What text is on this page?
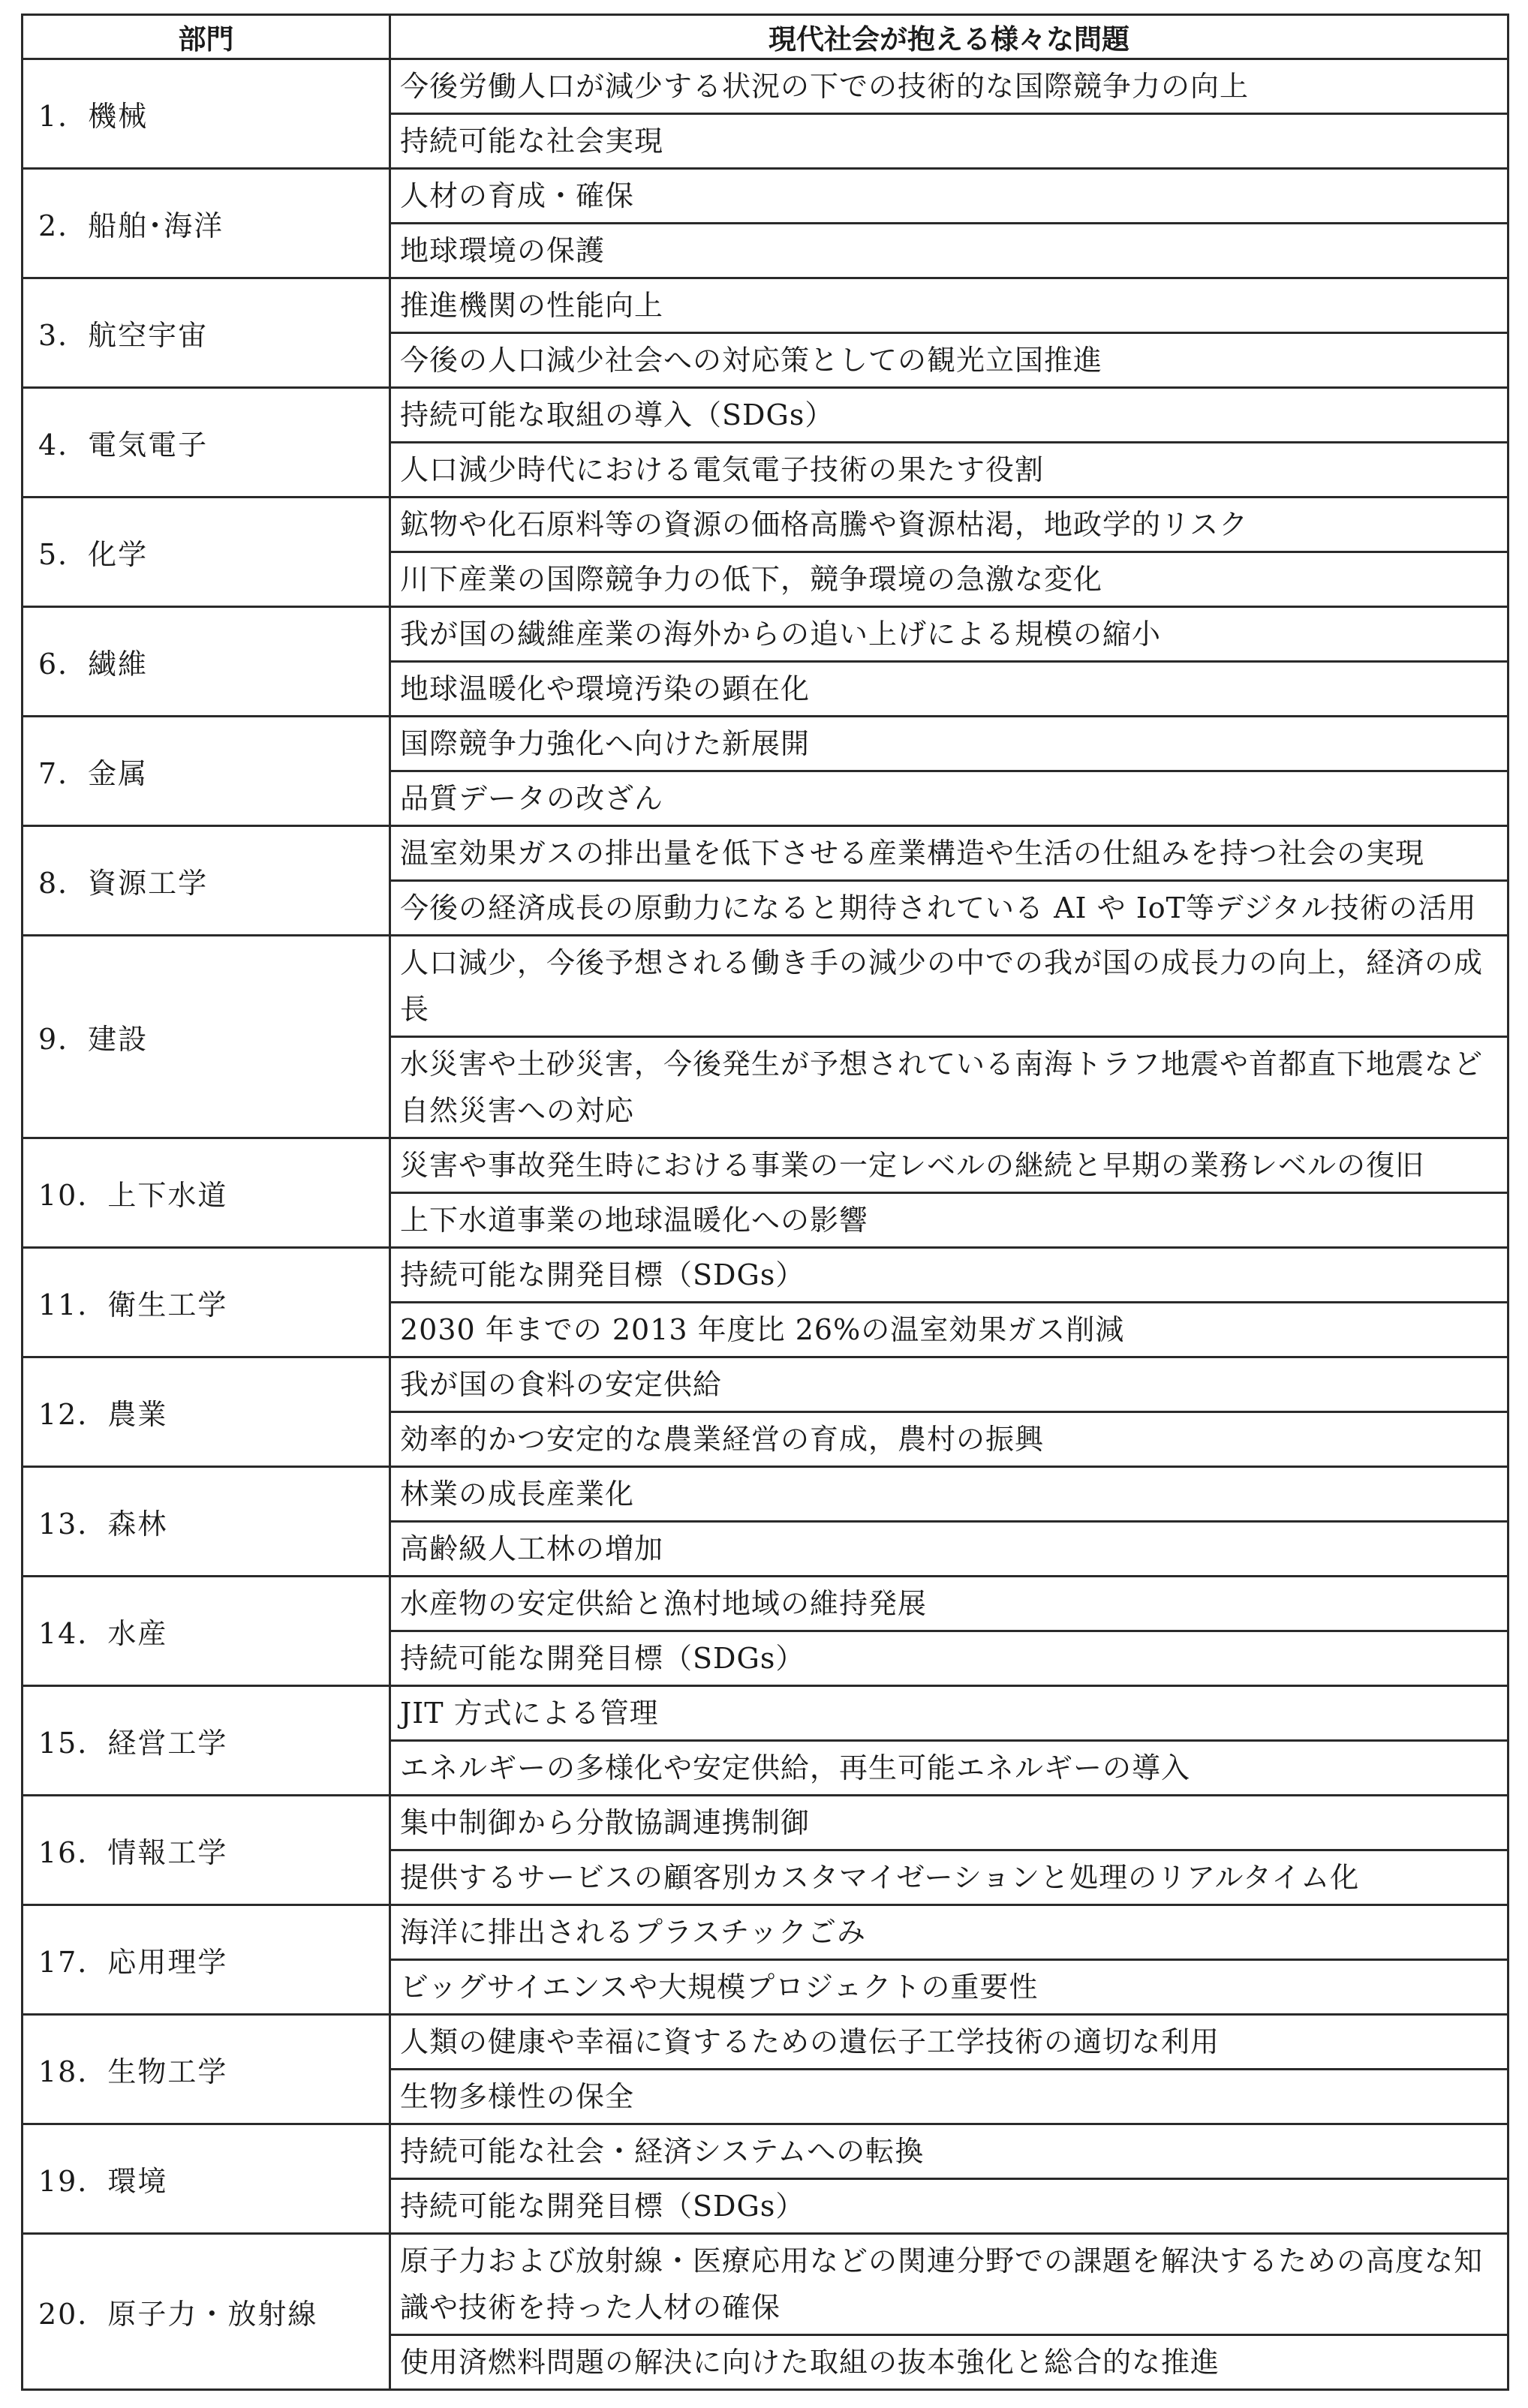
部門	現代社会が抱える様々な問題
1．機械	今後労働人口が減少する状況の下での技術的な国際競争力の向上
	持続可能な社会実現
2．船舶･海洋	人材の育成・確保
	地球環境の保護
3．航空宇宙	推進機関の性能向上
	今後の人口減少社会への対応策としての観光立国推進
4．電気電子	持続可能な取組の導入（SDGs）
	人口減少時代における電気電子技術の果たす役割
5．化学	鉱物や化石原料等の資源の価格高騰や資源枯渇，地政学的リスク
	川下産業の国際競争力の低下，競争環境の急激な変化
6．繊維	我が国の繊維産業の海外からの追い上げによる規模の縮小
	地球温暖化や環境汚染の顕在化
7．金属	国際競争力強化へ向けた新展開
	品質データの改ざん
8．資源工学	温室効果ガスの排出量を低下させる産業構造や生活の仕組みを持つ社会の実現
	今後の経済成長の原動力になると期待されている AI や IoT等デジタル技術の活用
9．建設	人口減少，今後予想される働き手の減少の中での我が国の成長力の向上，経済の成長
	水災害や土砂災害，今後発生が予想されている南海トラフ地震や首都直下地震など自然災害への対応
10．上下水道	災害や事故発生時における事業の一定レベルの継続と早期の業務レベルの復旧
	上下水道事業の地球温暖化への影響
11．衛生工学	持続可能な開発目標（SDGs）
	2030 年までの 2013 年度比 26%の温室効果ガス削減
12．農業	我が国の食料の安定供給
	効率的かつ安定的な農業経営の育成，農村の振興
13．森林	林業の成長産業化
	高齢級人工林の増加
14．水産	水産物の安定供給と漁村地域の維持発展
	持続可能な開発目標（SDGs）
15．経営工学	JIT 方式による管理
	エネルギーの多様化や安定供給，再生可能エネルギーの導入
16．情報工学	集中制御から分散協調連携制御
	提供するサービスの顧客別カスタマイゼーションと処理のリアルタイム化
17．応用理学	海洋に排出されるプラスチックごみ
	ビッグサイエンスや大規模プロジェクトの重要性
18．生物工学	人類の健康や幸福に資するための遺伝子工学技術の適切な利用
	生物多様性の保全
19．環境	持続可能な社会・経済システムへの転換
	持続可能な開発目標（SDGs）
20．原子力・放射線	原子力および放射線・医療応用などの関連分野での課題を解決するための高度な知識や技術を持った人材の確保
	使用済燃料問題の解決に向けた取組の抜本強化と総合的な推進
